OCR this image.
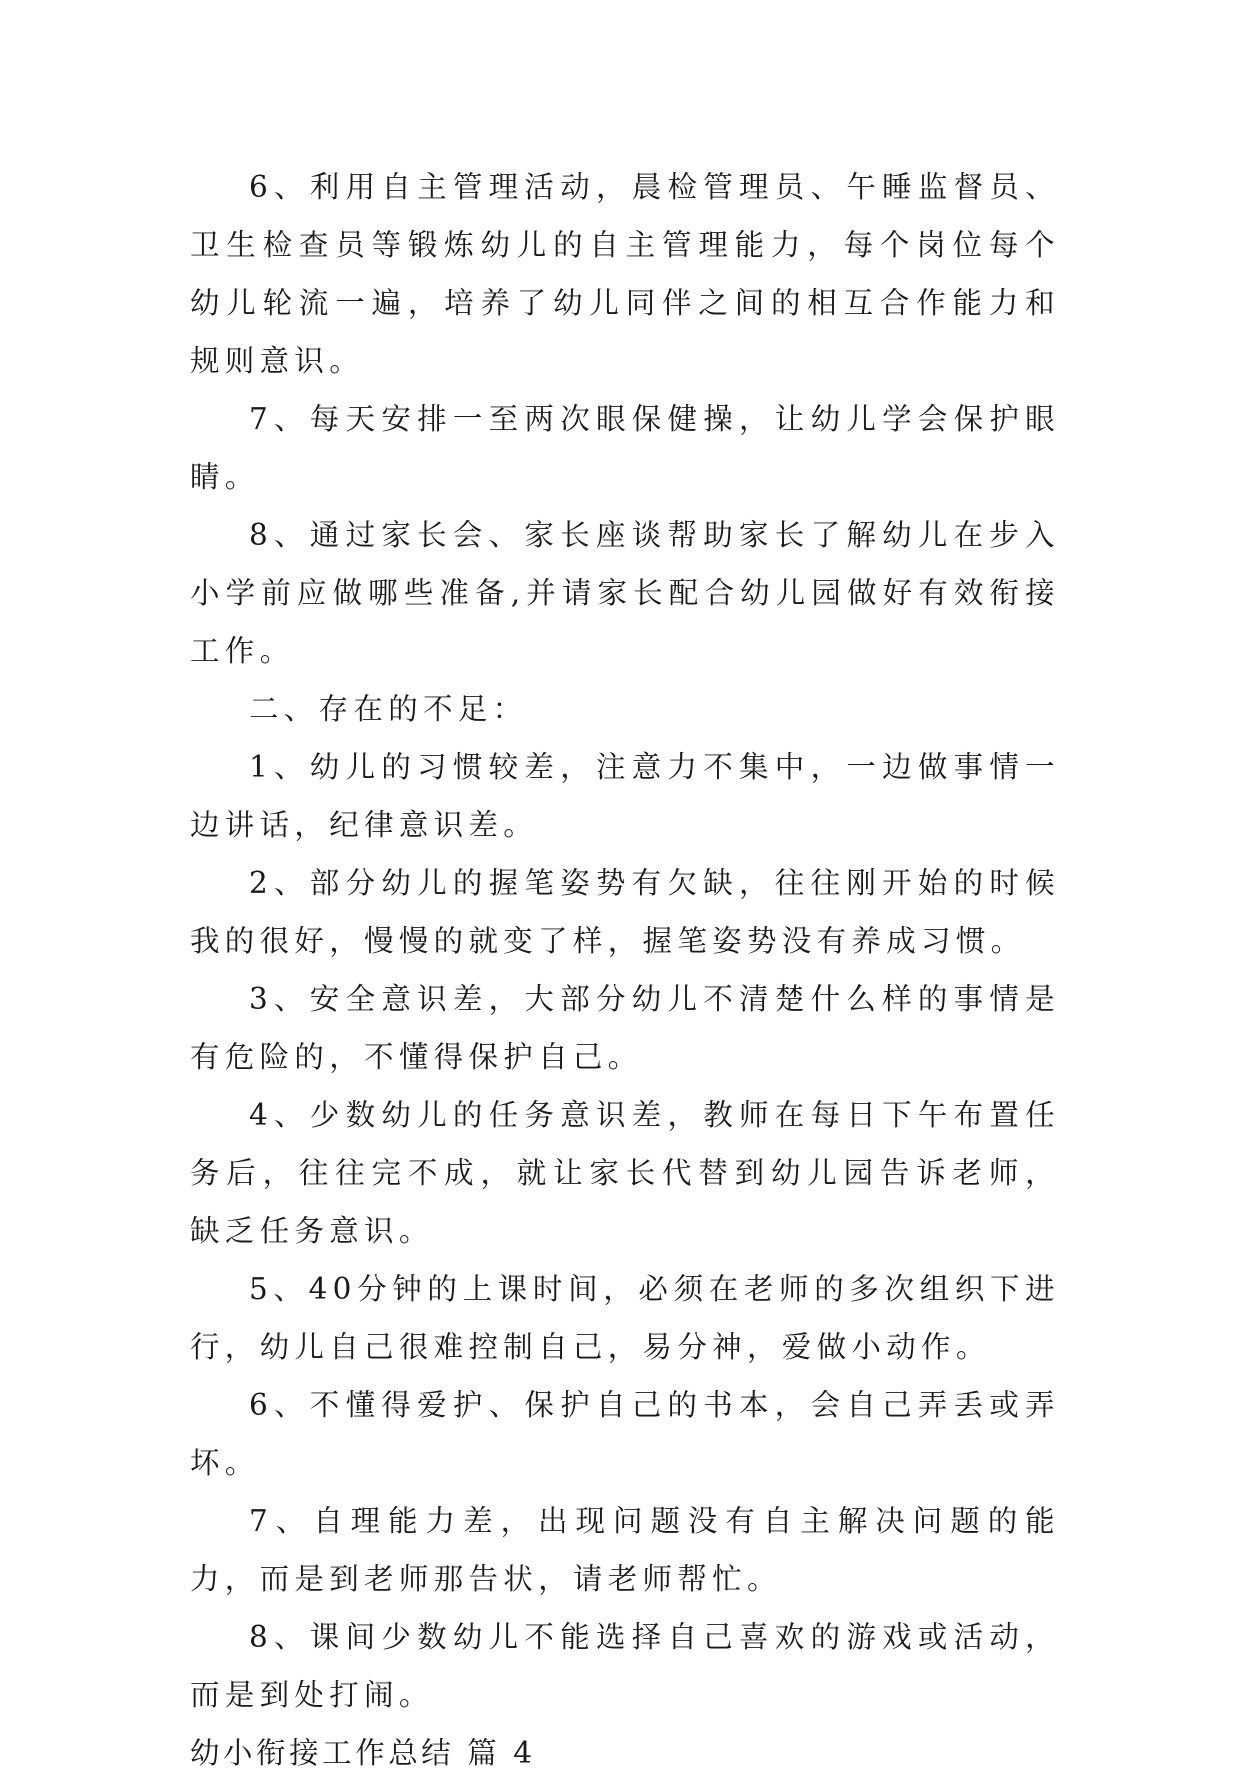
6、利用自主管理活动，晨检管理员、午睡监督员、卫生检查员等锻炼幼儿的自主管理能力，每个岗位每个幼儿轮流一遍，培养了幼儿同伴之间的相互合作能力和规则意识。

7、每天安排一至两次眼保健操，让幼儿学会保护眼睛。

8、通过家长会、家长座谈帮助家长了解幼儿在步入小学前应做哪些准备,并请家长配合幼儿园做好有效衔接工作。

二、存在的不足：

1、幼儿的习惯较差，注意力不集中，一边做事情一边讲话，纪律意识差。

2、部分幼儿的握笔姿势有欠缺，往往刚开始的时候我的很好，慢慢的就变了样，握笔姿势没有养成习惯。

3、安全意识差，大部分幼儿不清楚什么样的事情是有危险的，不懂得保护自己。

4、少数幼儿的任务意识差，教师在每日下午布置任务后，往往完不成，就让家长代替到幼儿园告诉老师，缺乏任务意识。

5、40分钟的上课时间，必须在老师的多次组织下进行，幼儿自己很难控制自己，易分神，爱做小动作。

6、不懂得爱护、保护自己的书本，会自己弄丢或弄坏。

7、自理能力差，出现问题没有自主解决问题的能力，而是到老师那告状，请老师帮忙。

8、课间少数幼儿不能选择自己喜欢的游戏或活动，而是到处打闹。

幼小衔接工作总结 篇 4
